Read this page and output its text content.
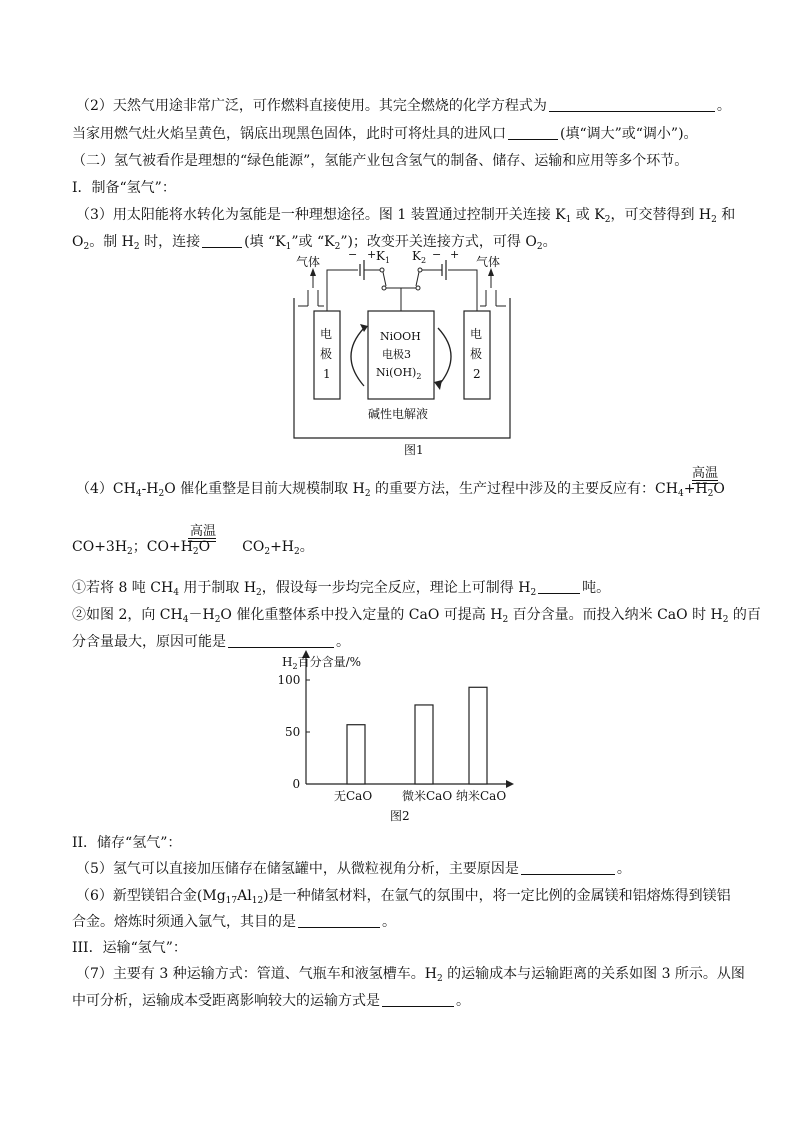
（2）天然气用途非常广泛，可作燃料直接使用。其完全燃烧的化学方程式为	。
当家用燃气灶火焰呈黄色，锅底出现黑色固体，此时可将灶具的进风口	(填“调大”或“调小”)。
（二）氢气被看作是理想的“绿色能源”，氢能产业包含氢气的制备、储存、运输和应用等多个环节。
I．制备“氢气”：
（3）用太阳能将水转化为氢能是一种理想途径。图 1 装置通过控制开关连接 $K_1$ 或 $K_2$，可交替得到 $H_2$ 和
$O_2$。制 $H_2$ 时，连接	(填 “$K_1$”或 “$K_2$”)；改变开关连接方式，可得 $O_2$。
气体	气体
− +	− +
$K_1$ $K_2$
电
极
1
电
极
2
NiOOH
电极3
$Ni(OH)_2$
碱性电解液
图1
$(4)CH_4-H_2O$ 催化重整是目前大规模制取 $H_2$ 的重要方法，生产过程中涉及的主要反应有：$CH_4+H_2O$
高温
$CO+3H_2$；$CO+H_2O$ $CO_2+H_2$。
高温
①若将 8 吨 $CH_4$ 用于制取 $H_2$，假设每一步均完全反应，理论上可制得 $H_2$	吨。
②如图 2，向 $CH_4-H_2O$ 催化重整体系中投入定量的 CaO 可提高 $H_2$ 百分含量。而投入纳米 CaO 时 $H_2$ 的百
分含量最大，原因可能是	。
$H_2$百分含量/%
0
50
100
无CaO 微米CaO 纳米CaO
图2
II．储存“氢气”：
（5）氢气可以直接加压储存在储氢罐中，从微粒视角分析，主要原因是	。
（6）新型镁铝合金$(Mg_{17}Al_{12})$是一种储氢材料，在氩气的氛围中，将一定比例的金属镁和铝熔炼得到镁铝
合金。熔炼时须通入氩气，其目的是	。
III．运输“氢气”：
（7）主要有 3 种运输方式：管道、气瓶车和液氢槽车。$H_2$ 的运输成本与运输距离的关系如图 3 所示。从图
中可分析，运输成本受距离影响较大的运输方式是	。
